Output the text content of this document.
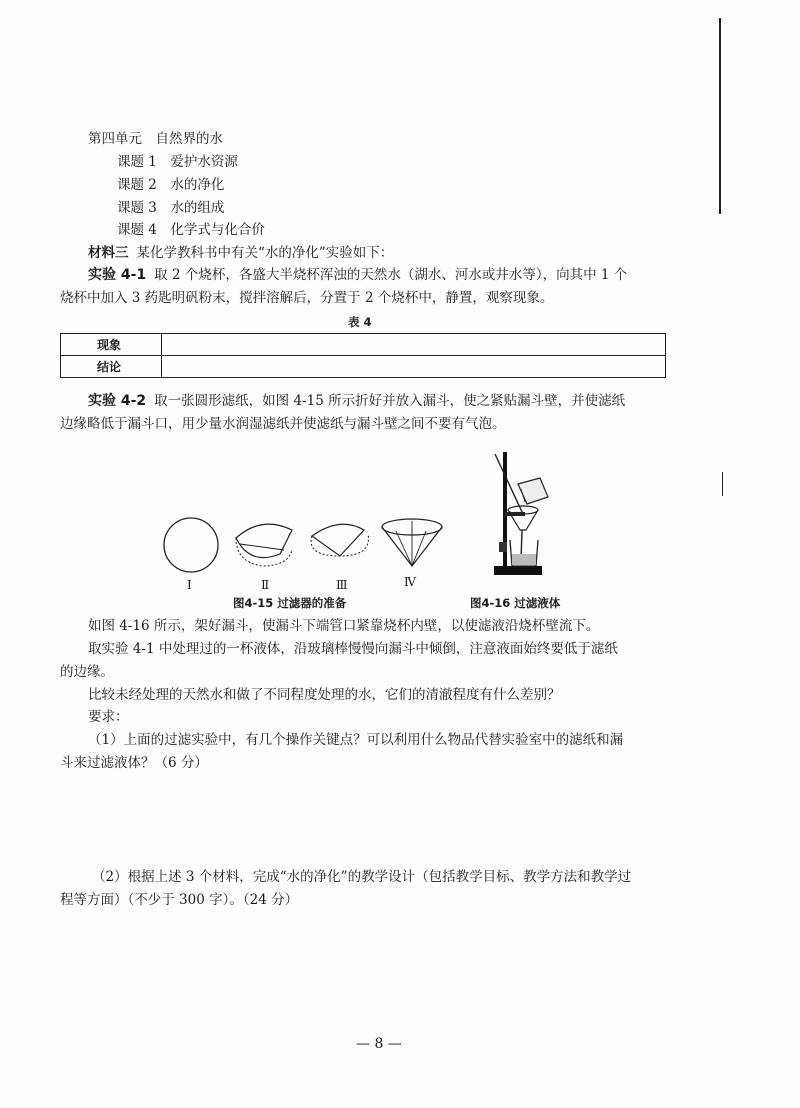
第四单元　自然界的水
课题 1　爱护水资源
课题 2　水的净化
课题 3　水的组成
课题 4　化学式与化合价
材料三 某化学教科书中有关“水的净化”实验如下：
实验 4-1 取 2 个烧杯，各盛大半烧杯浑浊的天然水（湖水、河水或井水等），向其中 1 个
烧杯中加入 3 药匙明矾粉末，搅拌溶解后，分置于 2 个烧杯中，静置，观察现象。
表 4
现象	
结论	
实验 4-2 取一张圆形滤纸，如图 4-15 所示折好并放入漏斗，使之紧贴漏斗壁，并使滤纸
边缘略低于漏斗口，用少量水润湿滤纸并使滤纸与漏斗壁之间不要有气泡。
I	Ⅱ	Ⅲ	Ⅳ
图4-15 过滤器的准备	图4-16 过滤液体
如图 4-16 所示，架好漏斗，使漏斗下端管口紧靠烧杯内壁，以使滤液沿烧杯壁流下。
取实验 4-1 中处理过的一杯液体，沿玻璃棒慢慢向漏斗中倾倒，注意液面始终要低于滤纸
的边缘。
比较未经处理的天然水和做了不同程度处理的水，它们的清澈程度有什么差别？
要求：
（1）上面的过滤实验中，有几个操作关键点？可以利用什么物品代替实验室中的滤纸和漏
斗来过滤液体？（6 分）
（2）根据上述 3 个材料，完成“水的净化”的教学设计（包括教学目标、教学方法和教学过
程等方面）（不少于 300 字）。（24 分）
— 8 —
